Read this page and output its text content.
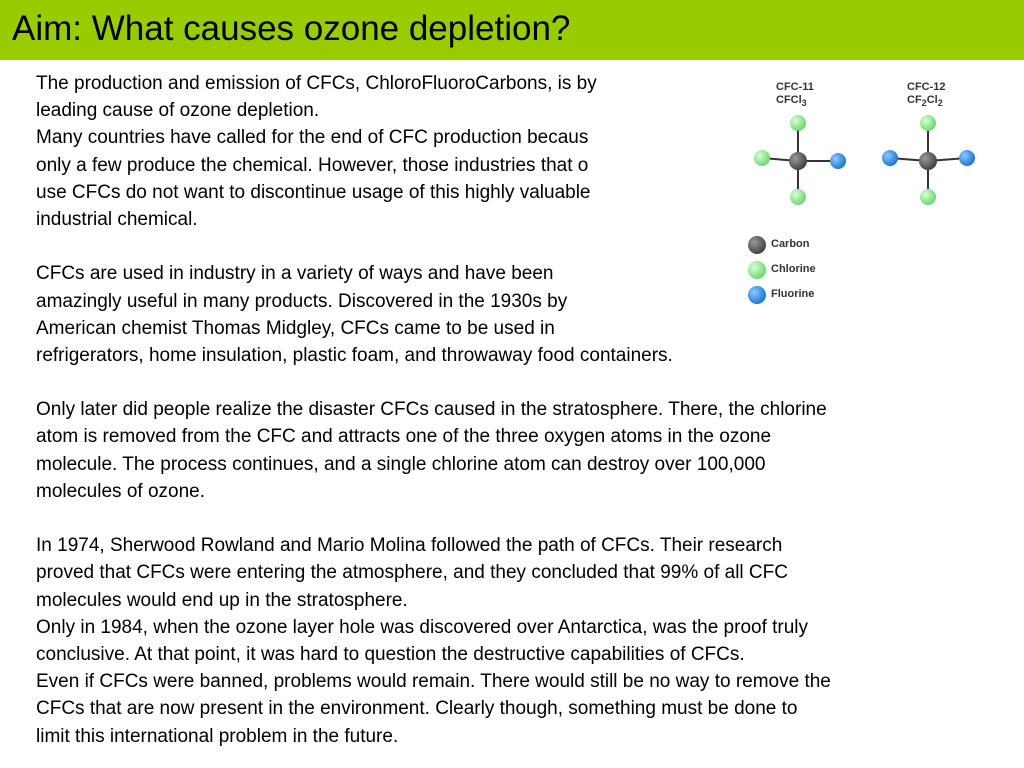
Aim: What causes ozone depletion?
The production and emission of CFCs, ChloroFluoroCarbons, is by
leading cause of ozone depletion.
Many countries have called for the end of CFC production becaus
only a few produce the chemical. However, those industries that o
use CFCs do not want to discontinue usage of this highly valuable
industrial chemical.
CFCs are used in industry in a variety of ways and have been
amazingly useful in many products. Discovered in the 1930s by
American chemist Thomas Midgley, CFCs came to be used in
refrigerators, home insulation, plastic foam, and throwaway food containers.
Only later did people realize the disaster CFCs caused in the stratosphere. There, the chlorine
atom is removed from the CFC and attracts one of the three oxygen atoms in the ozone
molecule. The process continues, and a single chlorine atom can destroy over 100,000
molecules of ozone.
In 1974, Sherwood Rowland and Mario Molina followed the path of CFCs. Their research
proved that CFCs were entering the atmosphere, and they concluded that 99% of all CFC
molecules would end up in the stratosphere.
Only in 1984, when the ozone layer hole was discovered over Antarctica, was the proof truly
conclusive. At that point, it was hard to question the destructive capabilities of CFCs.
Even if CFCs were banned, problems would remain. There would still be no way to remove the
CFCs that are now present in the environment. Clearly though, something must be done to
limit this international problem in the future.
CFC-11
CFCl$_3$
CFC-12
$CF_2Cl_2$
Carbon
Chlorine
Fluorine
